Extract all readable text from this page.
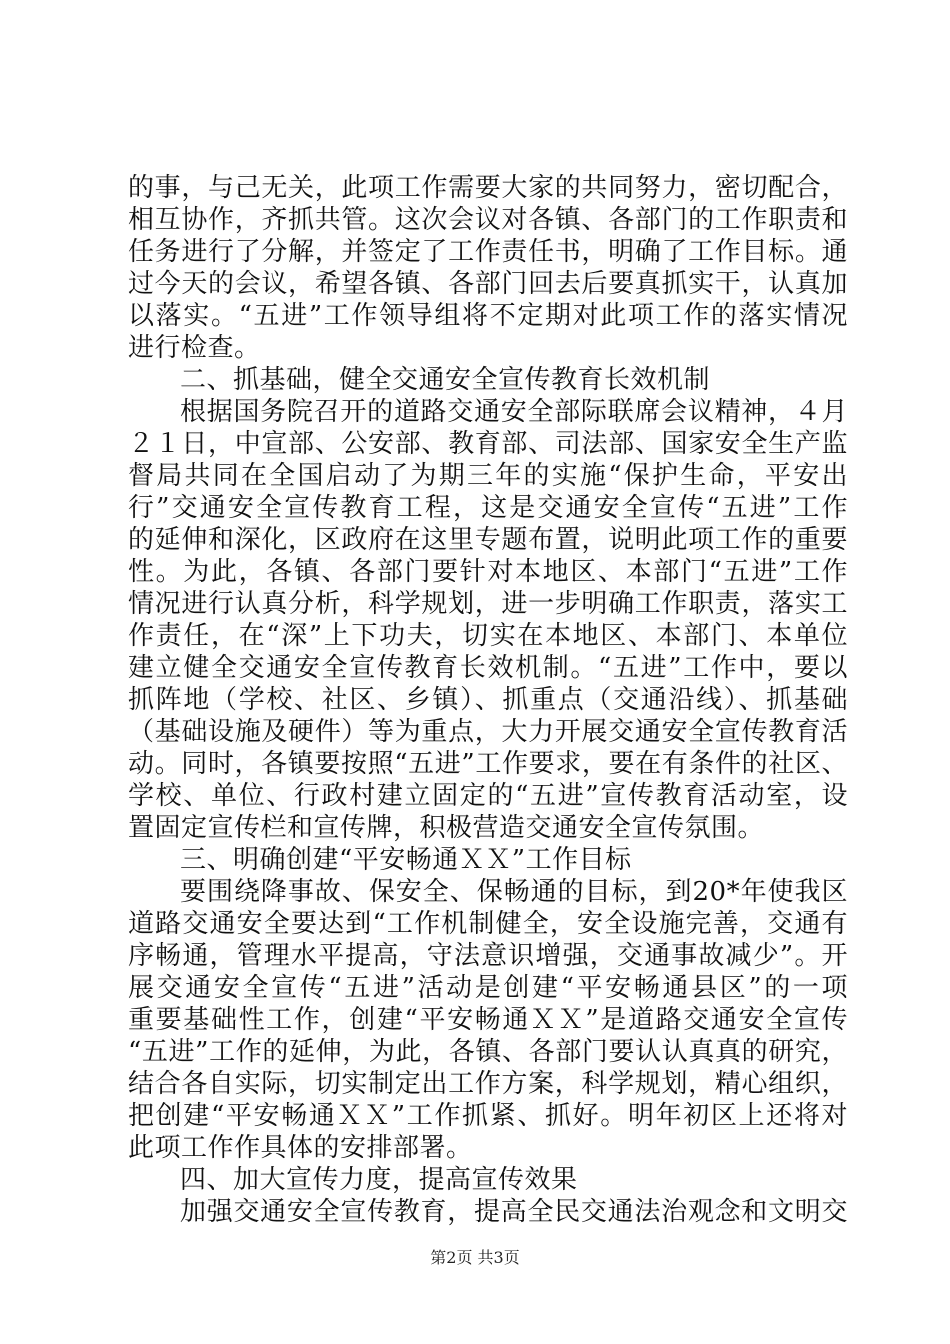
的事，与己无关，此项工作需要大家的共同努力，密切配合，
相互协作，齐抓共管。这次会议对各镇、各部门的工作职责和
任务进行了分解，并签定了工作责任书，明确了工作目标。通
过今天的会议，希望各镇、各部门回去后要真抓实干，认真加
以落实。“五进”工作领导组将不定期对此项工作的落实情况
进行检查。
二、抓基础，健全交通安全宣传教育长效机制
根据国务院召开的道路交通安全部际联席会议精神，４月
２１日，中宣部、公安部、教育部、司法部、国家安全生产监
督局共同在全国启动了为期三年的实施“保护生命，平安出
行”交通安全宣传教育工程，这是交通安全宣传“五进”工作
的延伸和深化，区政府在这里专题布置，说明此项工作的重要
性。为此，各镇、各部门要针对本地区、本部门“五进”工作
情况进行认真分析，科学规划，进一步明确工作职责，落实工
作责任，在“深”上下功夫，切实在本地区、本部门、本单位
建立健全交通安全宣传教育长效机制。“五进”工作中，要以
抓阵地（学校、社区、乡镇）、抓重点（交通沿线）、抓基础
（基础设施及硬件）等为重点，大力开展交通安全宣传教育活
动。同时，各镇要按照“五进”工作要求，要在有条件的社区、
学校、单位、行政村建立固定的“五进”宣传教育活动室，设
置固定宣传栏和宣传牌，积极营造交通安全宣传氛围。
三、明确创建“平安畅通ＸＸ”工作目标
要围绕降事故、保安全、保畅通的目标，到20*年使我区
道路交通安全要达到“工作机制健全，安全设施完善，交通有
序畅通，管理水平提高，守法意识增强，交通事故减少”。开
展交通安全宣传“五进”活动是创建“平安畅通县区”的一项
重要基础性工作，创建“平安畅通ＸＸ”是道路交通安全宣传
“五进”工作的延伸，为此，各镇、各部门要认认真真的研究，
结合各自实际，切实制定出工作方案，科学规划，精心组织，
把创建“平安畅通ＸＸ”工作抓紧、抓好。明年初区上还将对
此项工作作具体的安排部署。
四、加大宣传力度，提高宣传效果
加强交通安全宣传教育，提高全民交通法治观念和文明交
第2页 共3页
